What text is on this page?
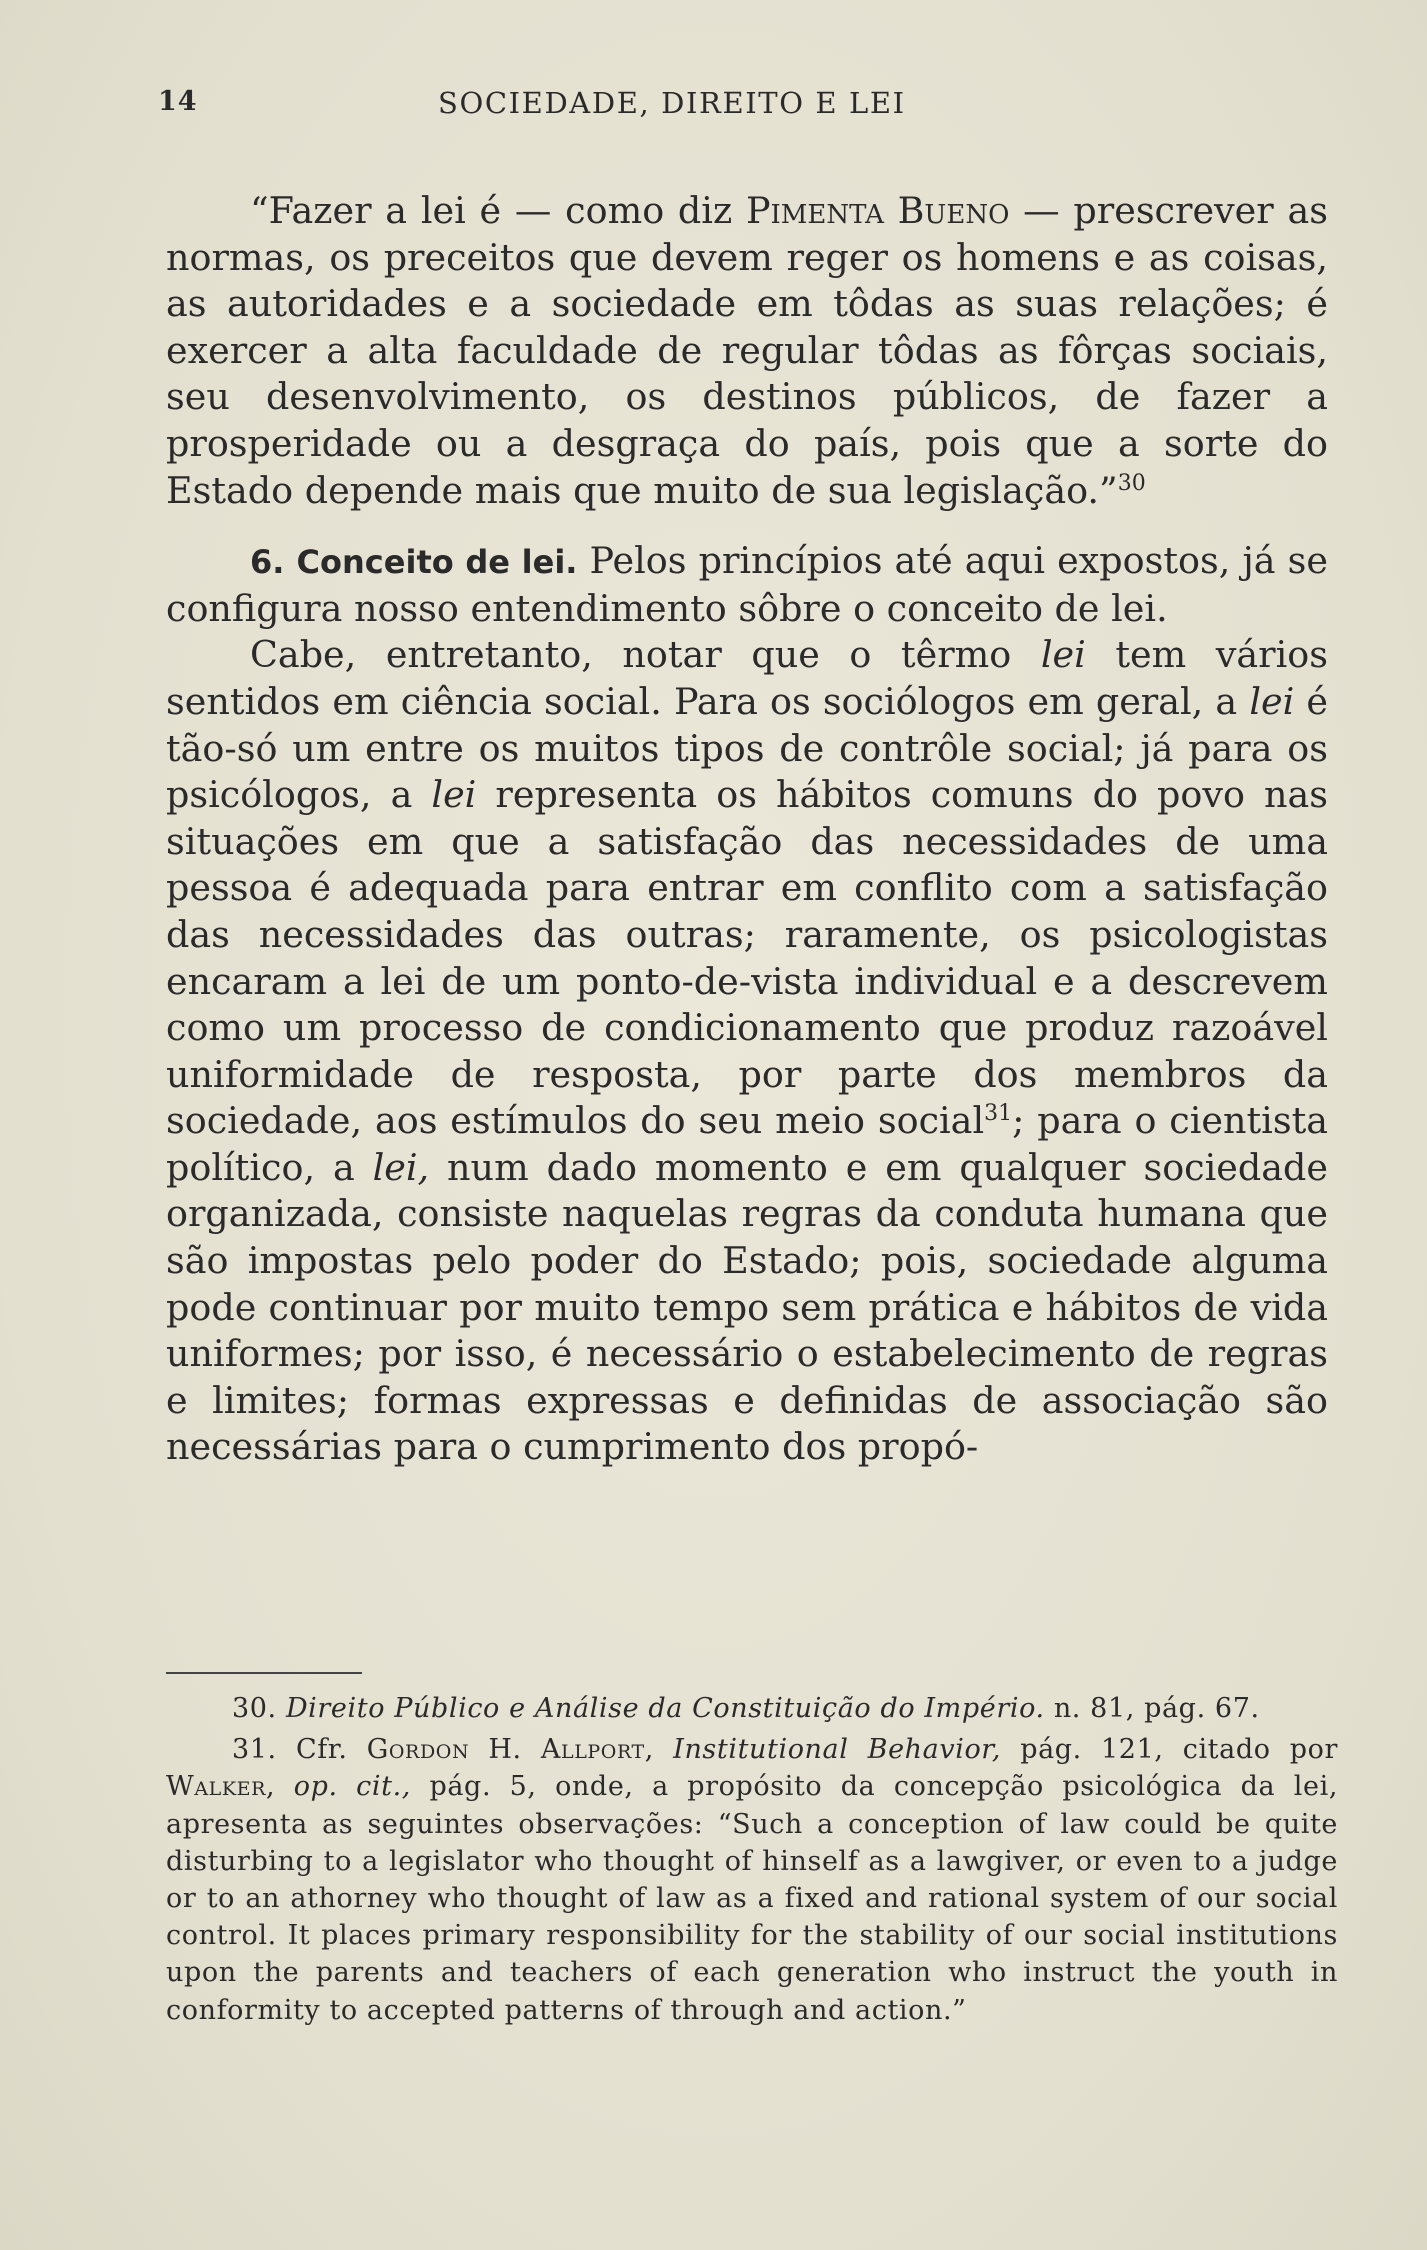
14	SOCIEDADE, DIREITO E LEI

“Fazer a lei é — como diz Pimenta Bueno — prescrever as normas, os preceitos que devem reger os homens e as coisas, as autoridades e a sociedade em tôdas as suas relações; é exercer a alta faculdade de regular tôdas as fôrças sociais, seu desenvolvimento, os destinos públicos, de fazer a prosperidade ou a desgraça do país, pois que a sorte do Estado depende mais que muito de sua legislação.”$^{30}$

6. Conceito de lei. Pelos princípios até aqui expostos, já se configura nosso entendimento sôbre o conceito de lei.

Cabe, entretanto, notar que o têrmo lei tem vários sentidos em ciência social. Para os sociólogos em geral, a lei é tão-só um entre os muitos tipos de contrôle social; já para os psicólogos, a lei representa os hábitos comuns do povo nas situações em que a satisfação das necessidades de uma pessoa é adequada para entrar em conflito com a satisfação das necessidades das outras; raramente, os psicologistas encaram a lei de um ponto-de-vista individual e a descrevem como um processo de condicionamento que produz razoável uniformidade de resposta, por parte dos membros da sociedade, aos estímulos do seu meio social$^{31}$; para o cientista político, a lei, num dado momento e em qualquer sociedade organizada, consiste naquelas regras da conduta humana que são impostas pelo poder do Estado; pois, sociedade alguma pode continuar por muito tempo sem prática e hábitos de vida uniformes; por isso, é necessário o estabelecimento de regras e limites; formas expressas e definidas de associação são necessárias para o cumprimento dos propó-

30. Direito Público e Análise da Constituição do Império. n. 81, pág. 67.

31. Cfr. Gordon H. Allport, Institutional Behavior, pág. 121, citado por Walker, op. cit., pág. 5, onde, a propósito da concepção psicológica da lei, apresenta as seguintes observações: “Such a conception of law could be quite disturbing to a legislator who thought of hinself as a lawgiver, or even to a judge or to an athorney who thought of law as a fixed and rational system of our social control. It places primary responsibility for the stability of our social institutions upon the parents and teachers of each generation who instruct the youth in conformity to accepted patterns of through and action.”
